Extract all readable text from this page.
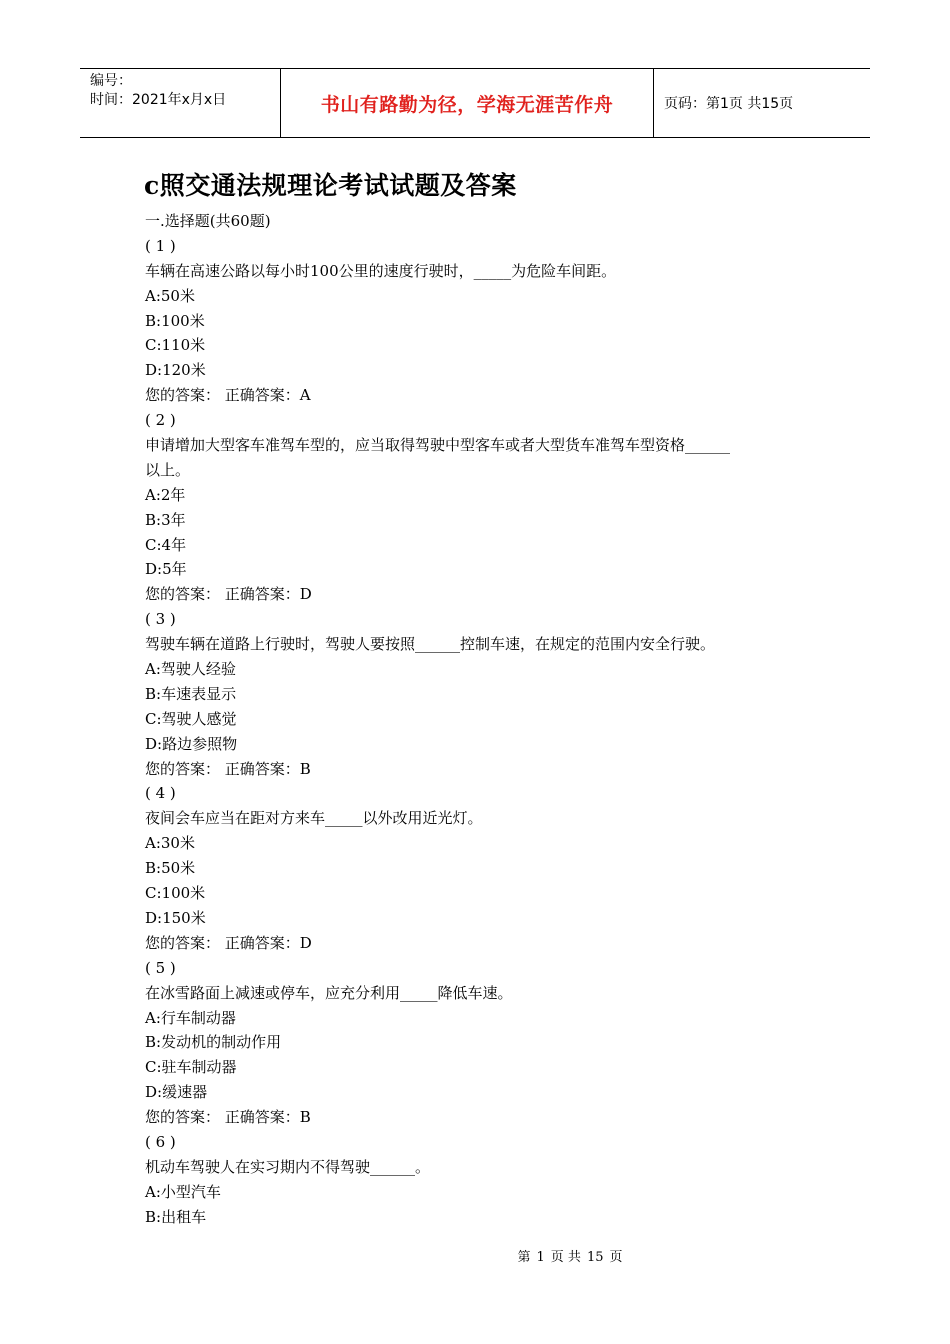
编号：
时间：2021年x月x日	书山有路勤为径，学海无涯苦作舟	页码：第1页 共15页
c照交通法规理论考试试题及答案
一.选择题(共60题)
( 1 )
车辆在高速公路以每小时100公里的速度行驶时，_____为危险车间距。
A:50米
B:100米
C:110米
D:120米
您的答案： 正确答案：A
( 2 )
申请增加大型客车准驾车型的，应当取得驾驶中型客车或者大型货车准驾车型资格______
以上。
A:2年
B:3年
C:4年
D:5年
您的答案： 正确答案：D
( 3 )
驾驶车辆在道路上行驶时，驾驶人要按照______控制车速，在规定的范围内安全行驶。
A:驾驶人经验
B:车速表显示
C:驾驶人感觉
D:路边参照物
您的答案： 正确答案：B
( 4 )
夜间会车应当在距对方来车_____以外改用近光灯。
A:30米
B:50米
C:100米
D:150米
您的答案： 正确答案：D
( 5 )
在冰雪路面上减速或停车，应充分利用_____降低车速。
A:行车制动器
B:发动机的制动作用
C:驻车制动器
D:缓速器
您的答案： 正确答案：B
( 6 )
机动车驾驶人在实习期内不得驾驶______。
A:小型汽车
B:出租车
第 1 页 共 15 页
